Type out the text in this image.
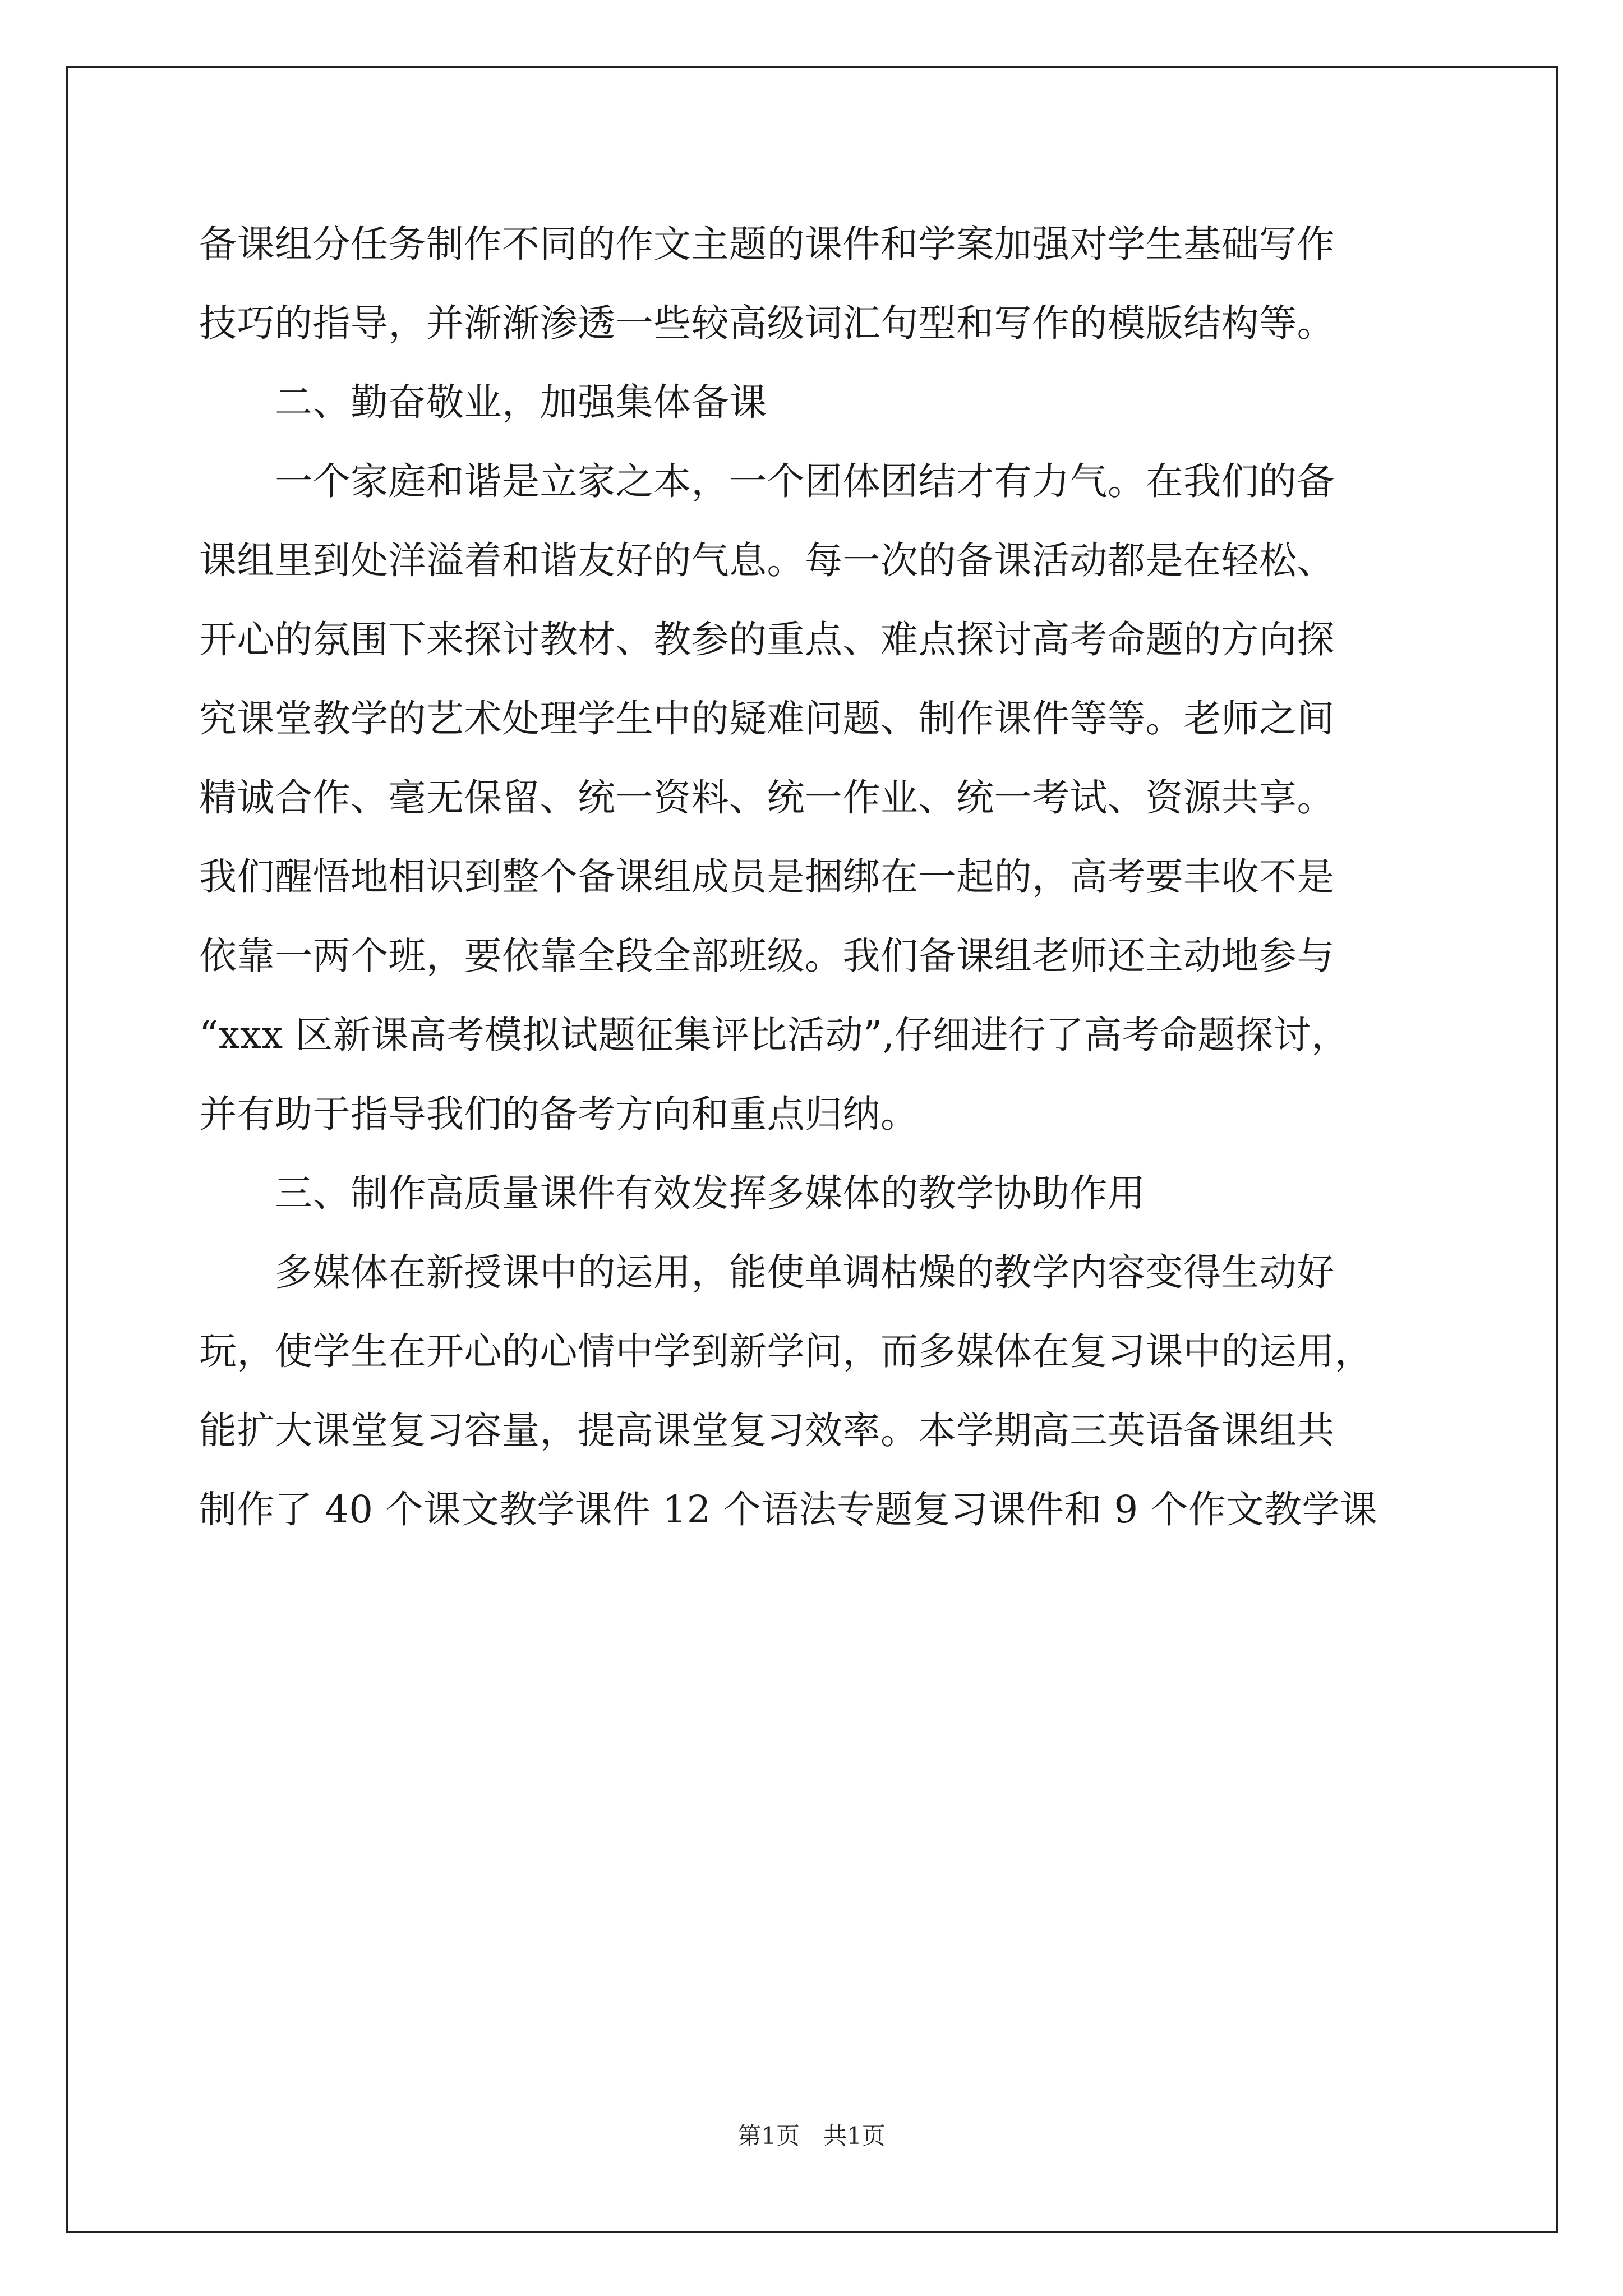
备课组分任务制作不同的作文主题的课件和学案加强对学生基础写作
技巧的指导，并渐渐渗透一些较高级词汇句型和写作的模版结构等。
　　二、勤奋敬业，加强集体备课
　　一个家庭和谐是立家之本，一个团体团结才有力气。在我们的备
课组里到处洋溢着和谐友好的气息。每一次的备课活动都是在轻松、
开心的氛围下来探讨教材、教参的重点、难点探讨高考命题的方向探
究课堂教学的艺术处理学生中的疑难问题、制作课件等等。老师之间
精诚合作、毫无保留、统一资料、统一作业、统一考试、资源共享。
我们醒悟地相识到整个备课组成员是捆绑在一起的，高考要丰收不是
依靠一两个班，要依靠全段全部班级。我们备课组老师还主动地参与
“xxx 区新课高考模拟试题征集评比活动”,仔细进行了高考命题探讨，
并有助于指导我们的备考方向和重点归纳。
　　三、制作高质量课件有效发挥多媒体的教学协助作用
　　多媒体在新授课中的运用，能使单调枯燥的教学内容变得生动好
玩，使学生在开心的心情中学到新学问，而多媒体在复习课中的运用，
能扩大课堂复习容量，提高课堂复习效率。本学期高三英语备课组共
制作了 40 个课文教学课件 12 个语法专题复习课件和 9 个作文教学课
第1页　共1页
